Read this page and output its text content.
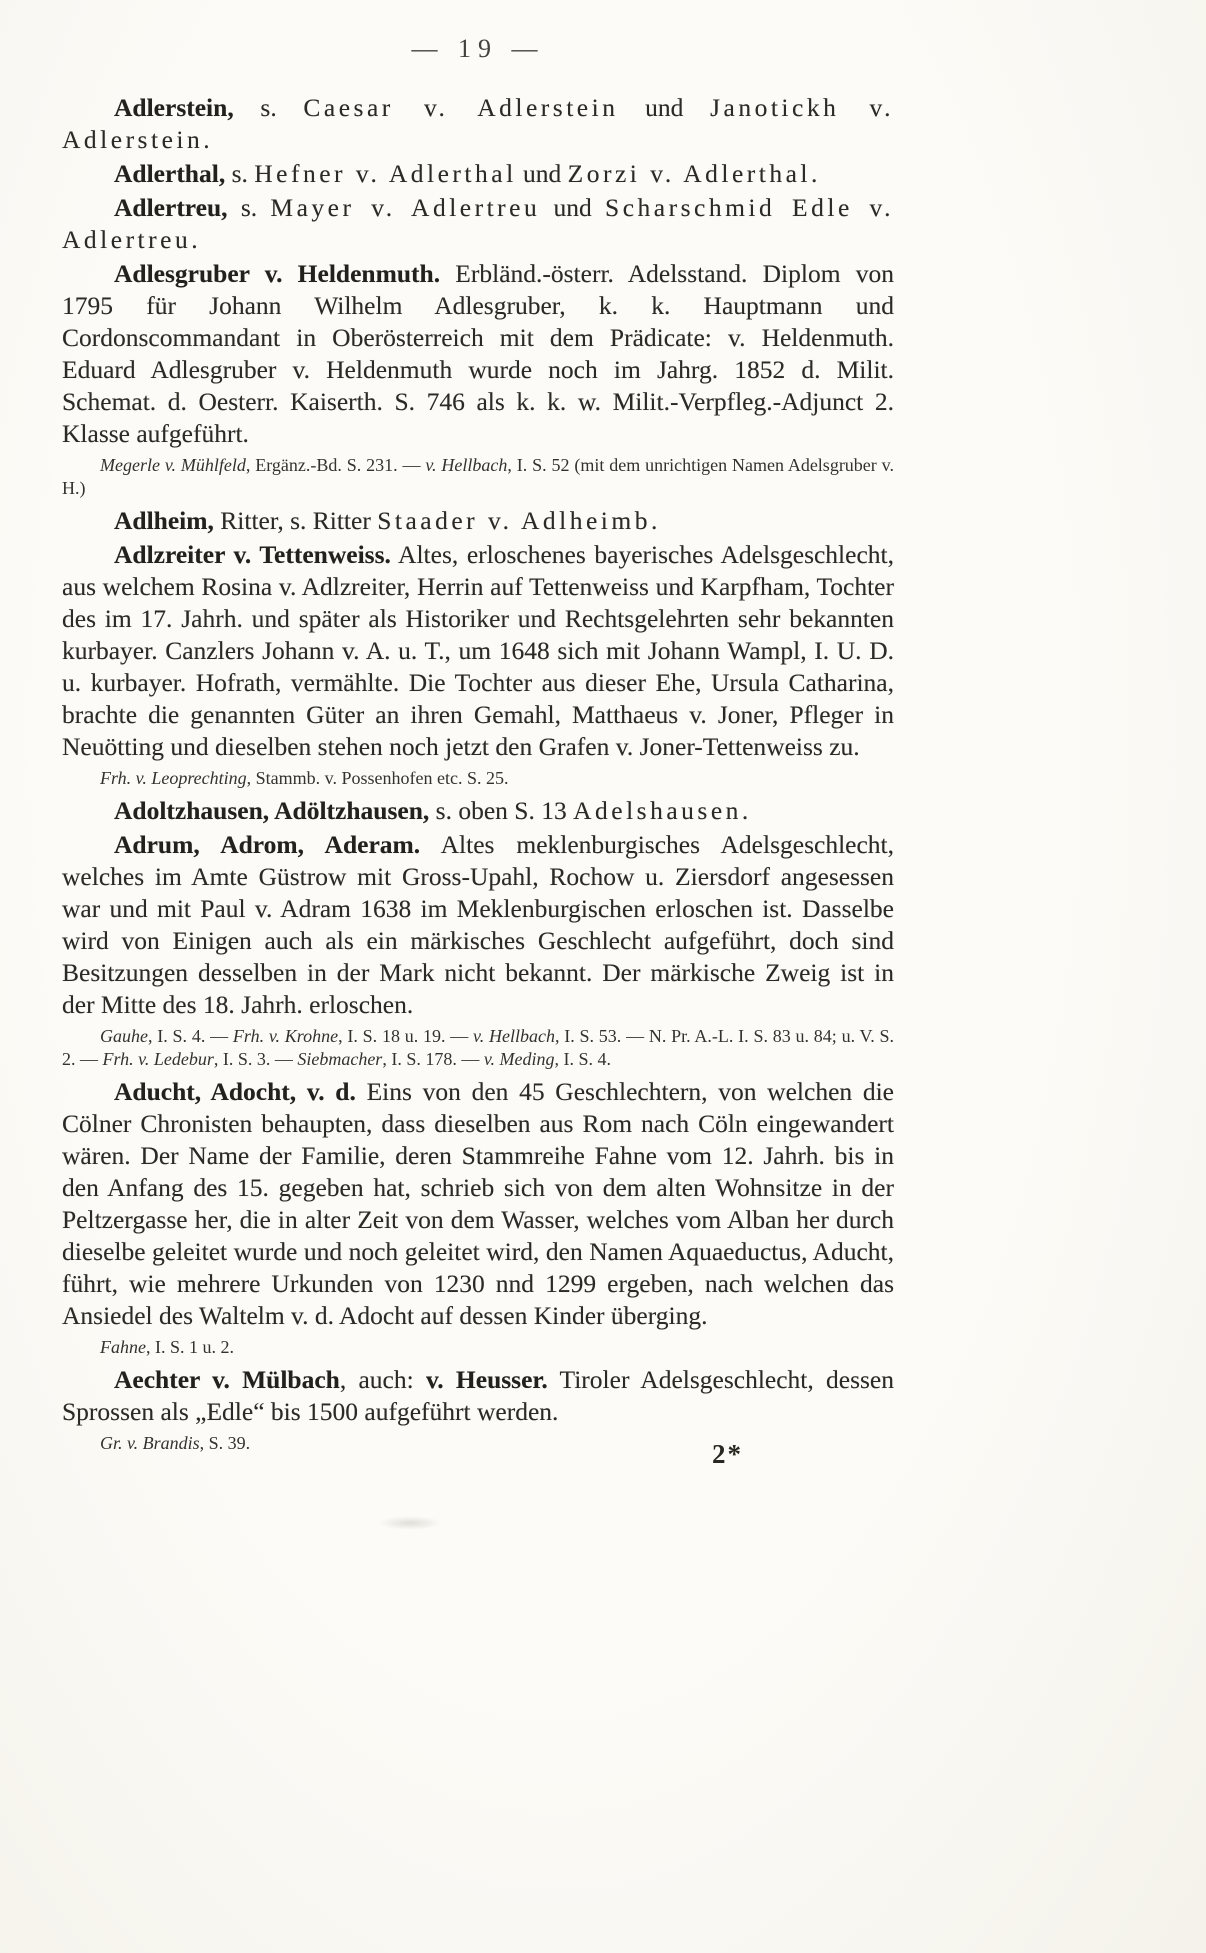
— 19 —

Adlerstein, s. Caesar v. Adlerstein und Janotickh v. Adlerstein.

Adlerthal, s. Hefner v. Adlerthal und Zorzi v. Adlerthal.

Adlertreu, s. Mayer v. Adlertreu und Scharschmid Edle v. Adlertreu.

Adlesgruber v. Heldenmuth. Erbländ.-österr. Adelsstand. Diplom von 1795 für Johann Wilhelm Adlesgruber, k. k. Hauptmann und Cordonscommandant in Oberösterreich mit dem Prädicate: v. Heldenmuth. Eduard Adlesgruber v. Heldenmuth wurde noch im Jahrg. 1852 d. Milit. Schemat. d. Oesterr. Kaiserth. S. 746 als k. k. w. Milit.-Verpfleg.-Adjunct 2. Klasse aufgeführt.

Megerle v. Mühlfeld, Ergänz.-Bd. S. 231. — v. Hellbach, I. S. 52 (mit dem unrichtigen Namen Adelsgruber v. H.)

Adlheim, Ritter, s. Ritter Staader v. Adlheimb.

Adlzreiter v. Tettenweiss. Altes, erloschenes bayerisches Adelsgeschlecht, aus welchem Rosina v. Adlzreiter, Herrin auf Tettenweiss und Karpfham, Tochter des im 17. Jahrh. und später als Historiker und Rechtsgelehrten sehr bekannten kurbayer. Canzlers Johann v. A. u. T., um 1648 sich mit Johann Wampl, I. U. D. u. kurbayer. Hofrath, vermählte. Die Tochter aus dieser Ehe, Ursula Catharina, brachte die genannten Güter an ihren Gemahl, Matthaeus v. Joner, Pfleger in Neuötting und dieselben stehen noch jetzt den Grafen v. Joner-Tettenweiss zu.

Frh. v. Leoprechting, Stammb. v. Possenhofen etc. S. 25.

Adoltzhausen, Adöltzhausen, s. oben S. 13 Adelshausen.

Adrum, Adrom, Aderam. Altes meklenburgisches Adelsgeschlecht, welches im Amte Güstrow mit Gross-Upahl, Rochow u. Ziersdorf angesessen war und mit Paul v. Adram 1638 im Meklenburgischen erloschen ist. Dasselbe wird von Einigen auch als ein märkisches Geschlecht aufgeführt, doch sind Besitzungen desselben in der Mark nicht bekannt. Der märkische Zweig ist in der Mitte des 18. Jahrh. erloschen.

Gauhe, I. S. 4. — Frh. v. Krohne, I. S. 18 u. 19. — v. Hellbach, I. S. 53. — N. Pr. A.-L. I. S. 83 u. 84; u. V. S. 2. — Frh. v. Ledebur, I. S. 3. — Siebmacher, I. S. 178. — v. Meding, I. S. 4.

Aducht, Adocht, v. d. Eins von den 45 Geschlechtern, von welchen die Cölner Chronisten behaupten, dass dieselben aus Rom nach Cöln eingewandert wären. Der Name der Familie, deren Stammreihe Fahne vom 12. Jahrh. bis in den Anfang des 15. gegeben hat, schrieb sich von dem alten Wohnsitze in der Peltzergasse her, die in alter Zeit von dem Wasser, welches vom Alban her durch dieselbe geleitet wurde und noch geleitet wird, den Namen Aquaeductus, Aducht, führt, wie mehrere Urkunden von 1230 nnd 1299 ergeben, nach welchen das Ansiedel des Waltelm v. d. Adocht auf dessen Kinder überging.

Fahne, I. S. 1 u. 2.

Aechter v. Mülbach, auch: v. Heusser. Tiroler Adelsgeschlecht, dessen Sprossen als „Edle“ bis 1500 aufgeführt werden.

Gr. v. Brandis, S. 39.	2*
